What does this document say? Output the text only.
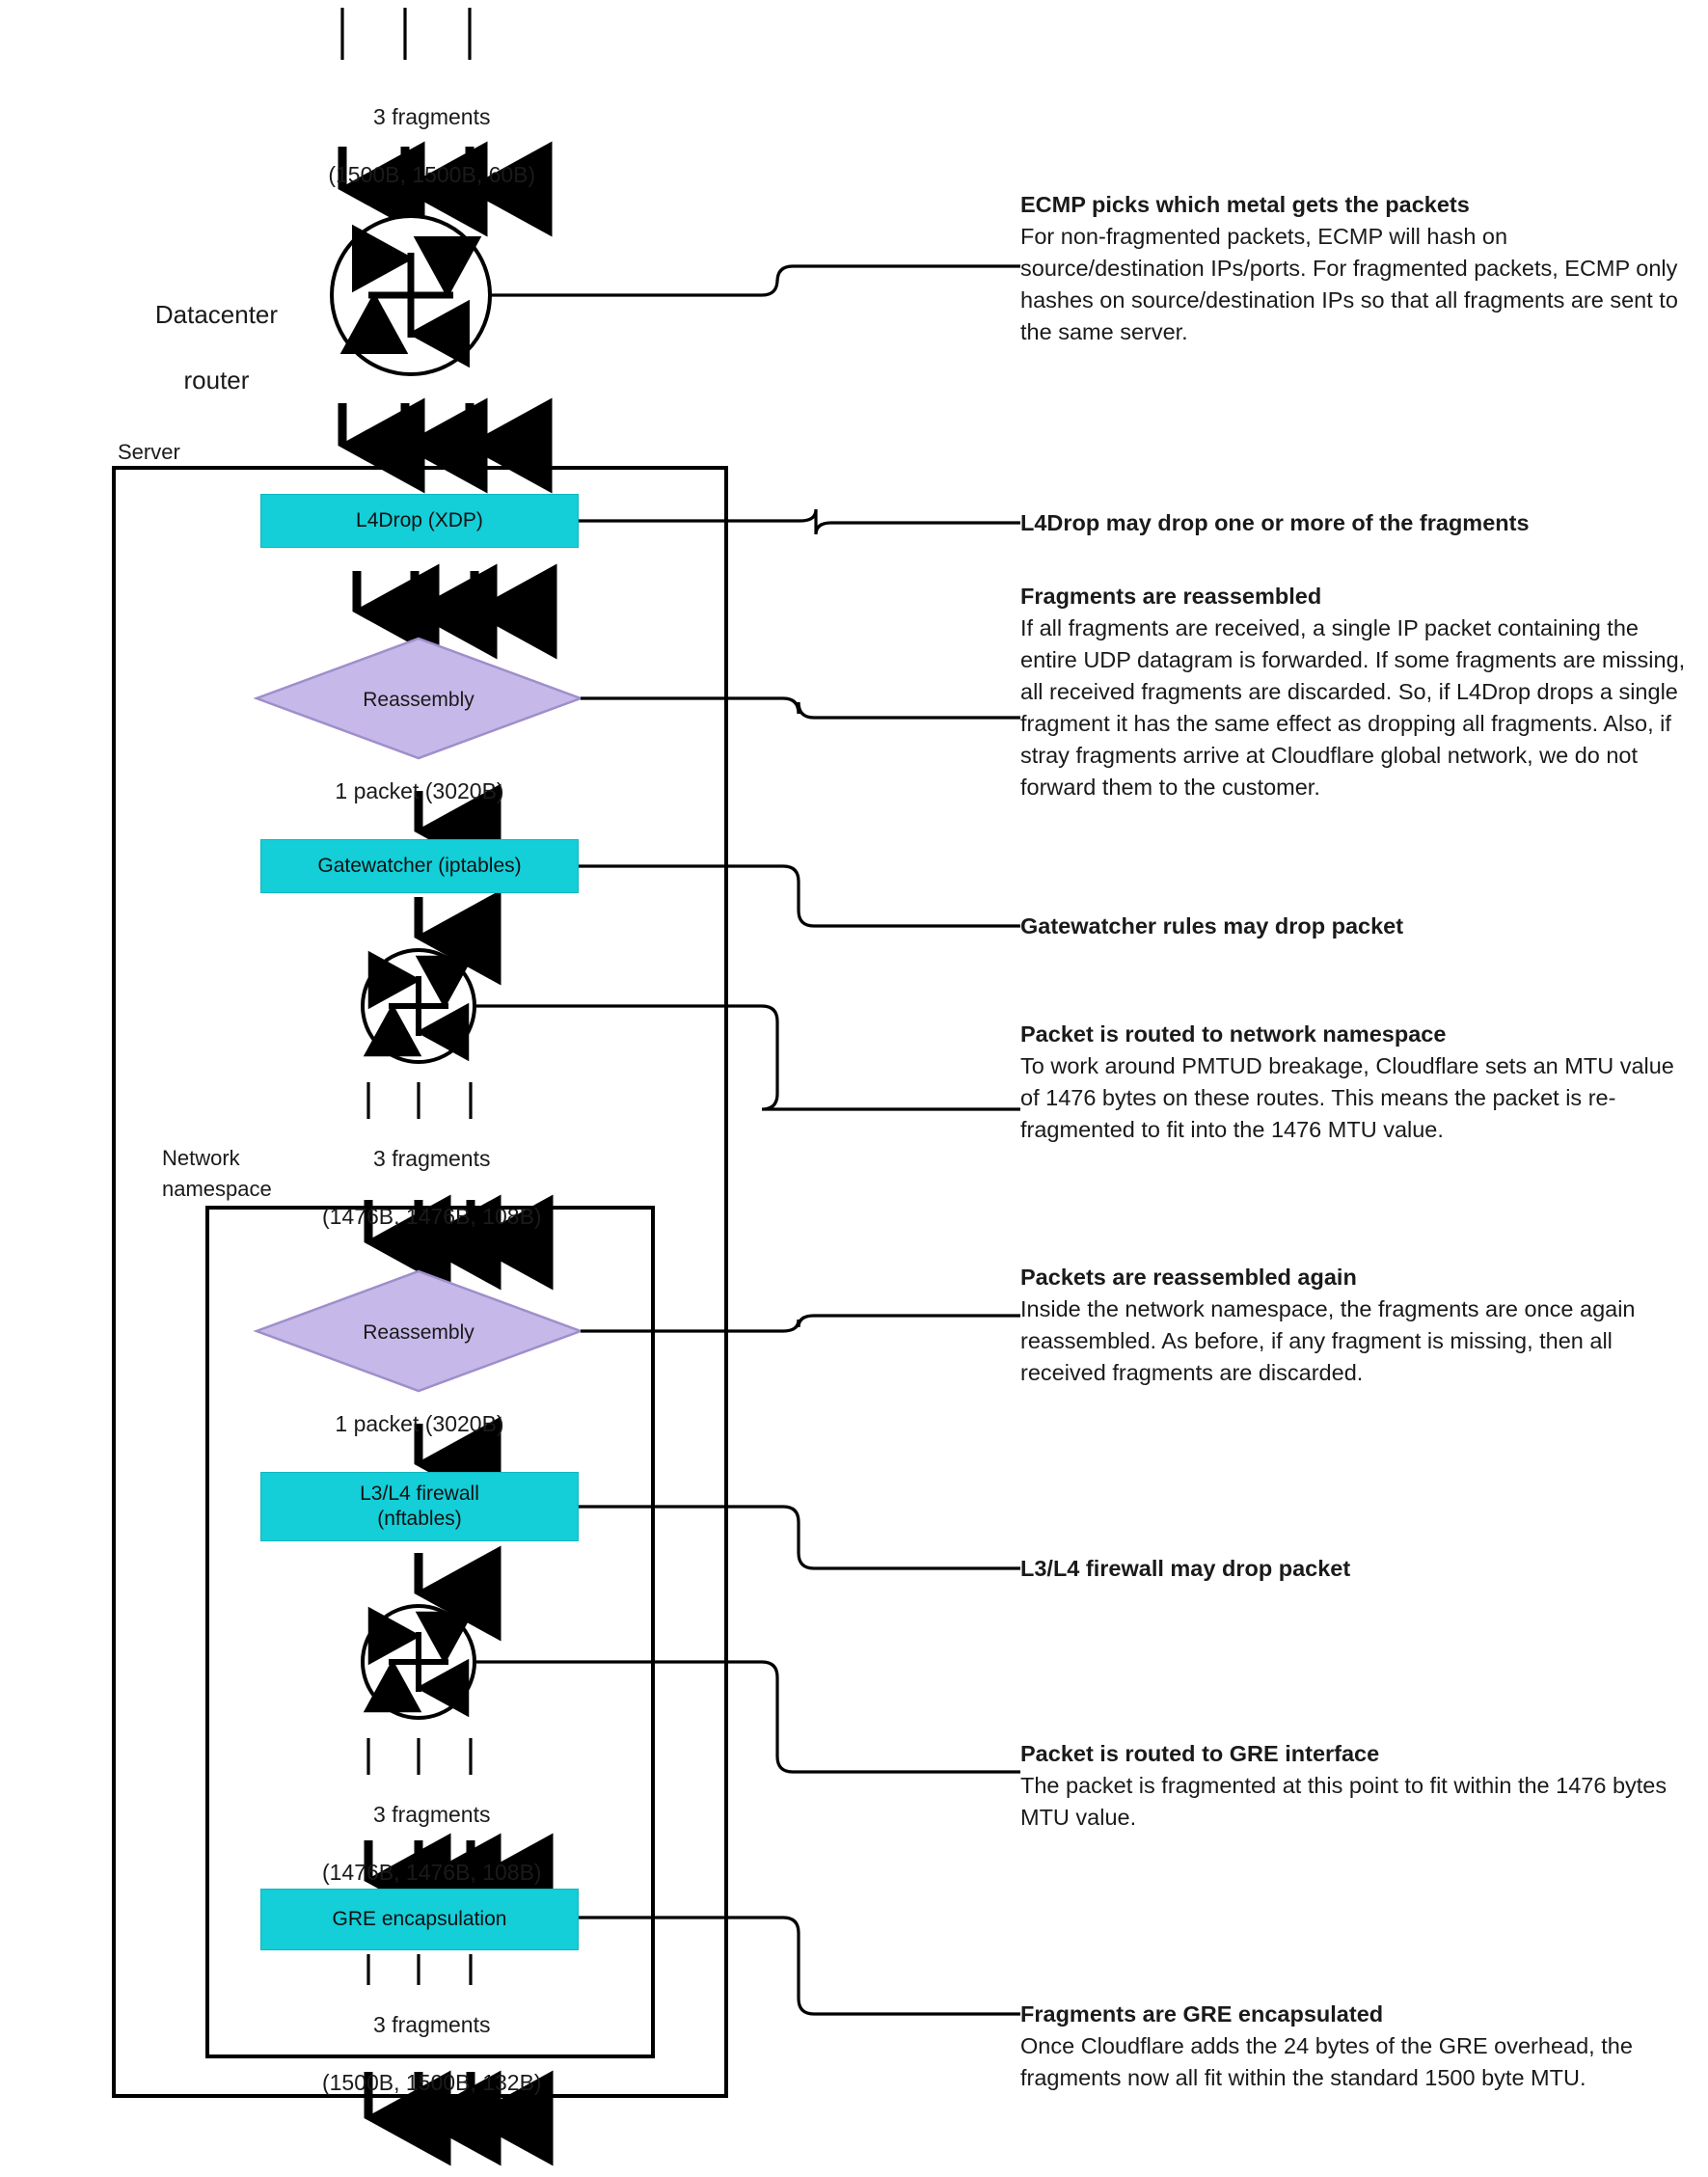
Server
Network
namespace

Datacenter

router

3 fragments

(1500B, 1500B, 60B)

1 packet (3020B)

3 fragments

(1476B, 1476B, 108B)

1 packet (3020B)

3 fragments

(1476B, 1476B, 108B)

3 fragments

(1500B, 1500B, 132B)

L4Drop (XDP)
Gatewatcher (iptables)
L3/L4 firewall
(nftables)
GRE encapsulation
Reassembly
Reassembly
ECMP picks which metal gets the packets
For non-fragmented packets, ECMP will hash on source/destination IPs/ports. For fragmented packets, ECMP only hashes on source/destination IPs so that all fragments are sent to the same server.
L4Drop may drop one or more of the fragments
Fragments are reassembled
If all fragments are received, a single IP packet containing the entire UDP datagram is forwarded. If some fragments are missing, all received fragments are discarded. So, if L4Drop drops a single fragment it has the same effect as dropping all fragments. Also, if stray fragments arrive at Cloudflare global network, we do not forward them to the customer.
Gatewatcher rules may drop packet
Packet is routed to network namespace
To work around PMTUD breakage, Cloudflare sets an MTU value of 1476 bytes on these routes. This means the packet is re-fragmented to fit into the 1476 MTU value.
Packets are reassembled again
Inside the network namespace, the fragments are once again reassembled. As before, if any fragment is missing, then all received fragments are discarded.
L3/L4 firewall may drop packet
Packet is routed to GRE interface
The packet is fragmented at this point to fit within the 1476 bytes MTU value.
Fragments are GRE encapsulated
Once Cloudflare adds the 24 bytes of the GRE overhead, the fragments now all fit within the standard 1500 byte MTU.
